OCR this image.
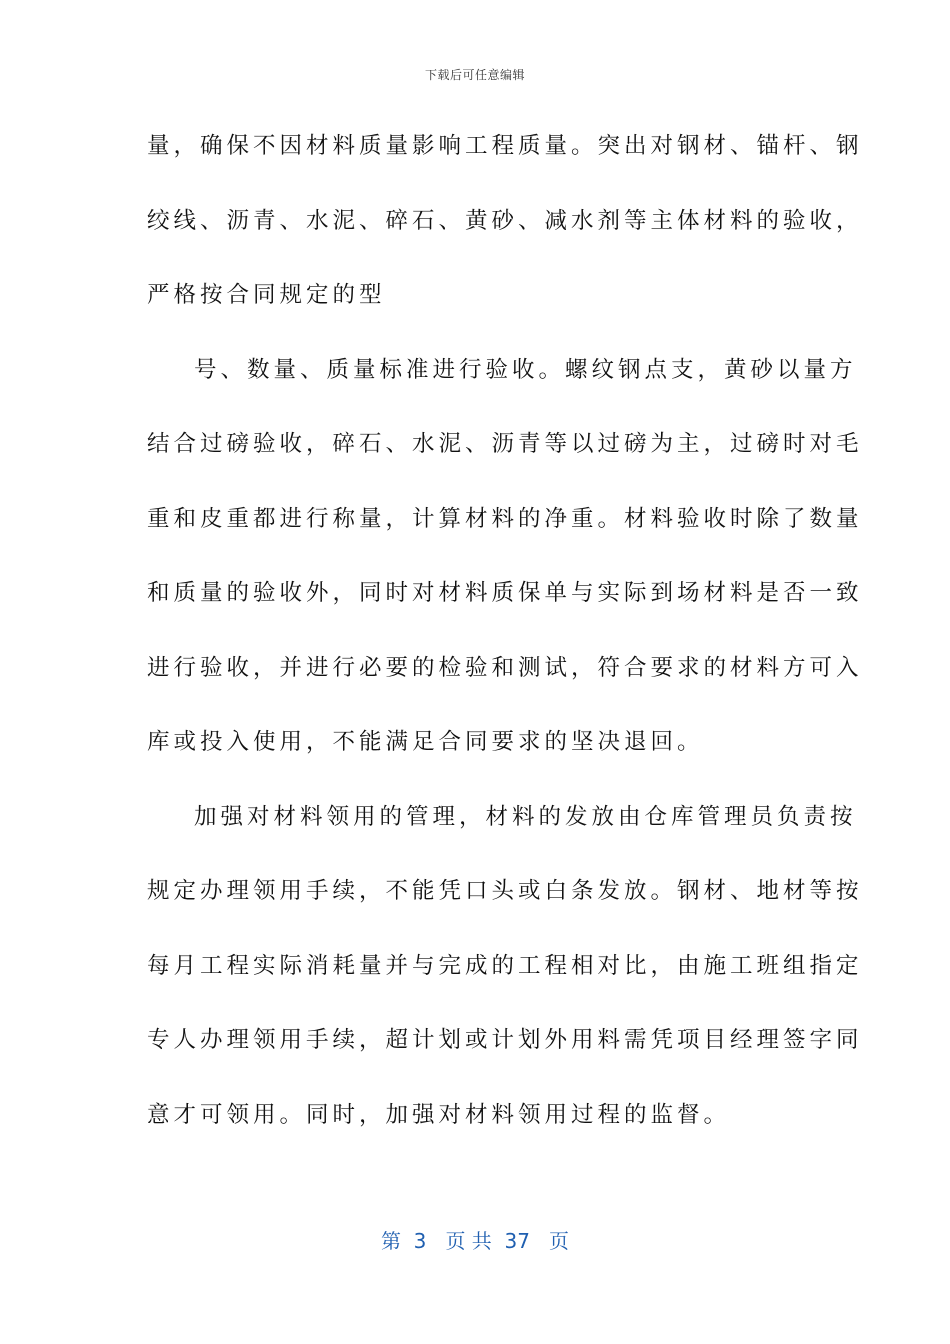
下载后可任意编辑
量，确保不因材料质量影响工程质量。突出对钢材、锚杆、钢
绞线、沥青、水泥、碎石、黄砂、减水剂等主体材料的验收，
严格按合同规定的型
号、数量、质量标准进行验收。螺纹钢点支，黄砂以量方
结合过磅验收，碎石、水泥、沥青等以过磅为主，过磅时对毛
重和皮重都进行称量，计算材料的净重。材料验收时除了数量
和质量的验收外，同时对材料质保单与实际到场材料是否一致
进行验收，并进行必要的检验和测试，符合要求的材料方可入
库或投入使用，不能满足合同要求的坚决退回。
加强对材料领用的管理，材料的发放由仓库管理员负责按
规定办理领用手续，不能凭口头或白条发放。钢材、地材等按
每月工程实际消耗量并与完成的工程相对比，由施工班组指定
专人办理领用手续，超计划或计划外用料需凭项目经理签字同
意才可领用。同时，加强对材料领用过程的监督。
第  3   页 共  37   页
